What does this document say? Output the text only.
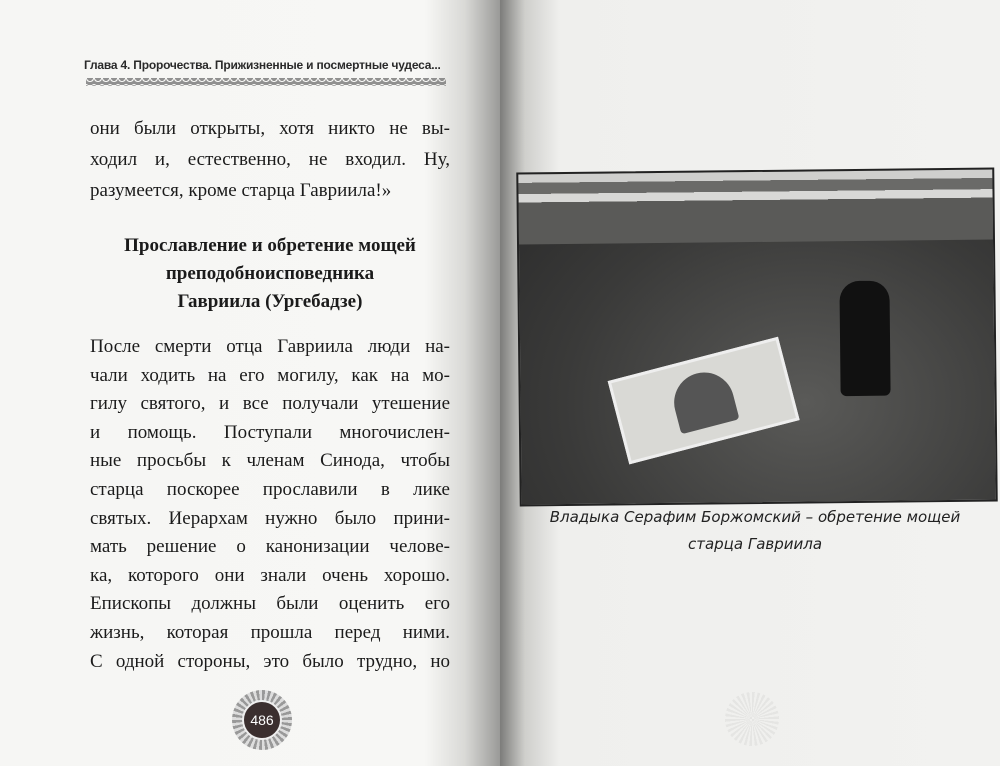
Глава 4. Пророчества. Прижизненные и посмертные чудеса...
они были открыты, хотя никто не вы-
ходил и, естественно, не входил. Ну,
разумеется, кроме старца Гавриила!»
Прославление и обретение мощей
преподобноисповедника
Гавриила (Ургебадзе)
После смерти отца Гавриила люди на-
чали ходить на его могилу, как на мо-
гилу святого, и все получали утешение
и помощь. Поступали многочислен-
ные просьбы к членам Синода, чтобы
старца поскорее прославили в лике
святых. Иерархам нужно было прини-
мать решение о канонизации челове-
ка, которого они знали очень хорошо.
Епископы должны были оценить его
жизнь, которая прошла перед ними.
С одной стороны, это было трудно, но
486
Владыка Серафим Боржомский – обретение мощей
старца Гавриила
